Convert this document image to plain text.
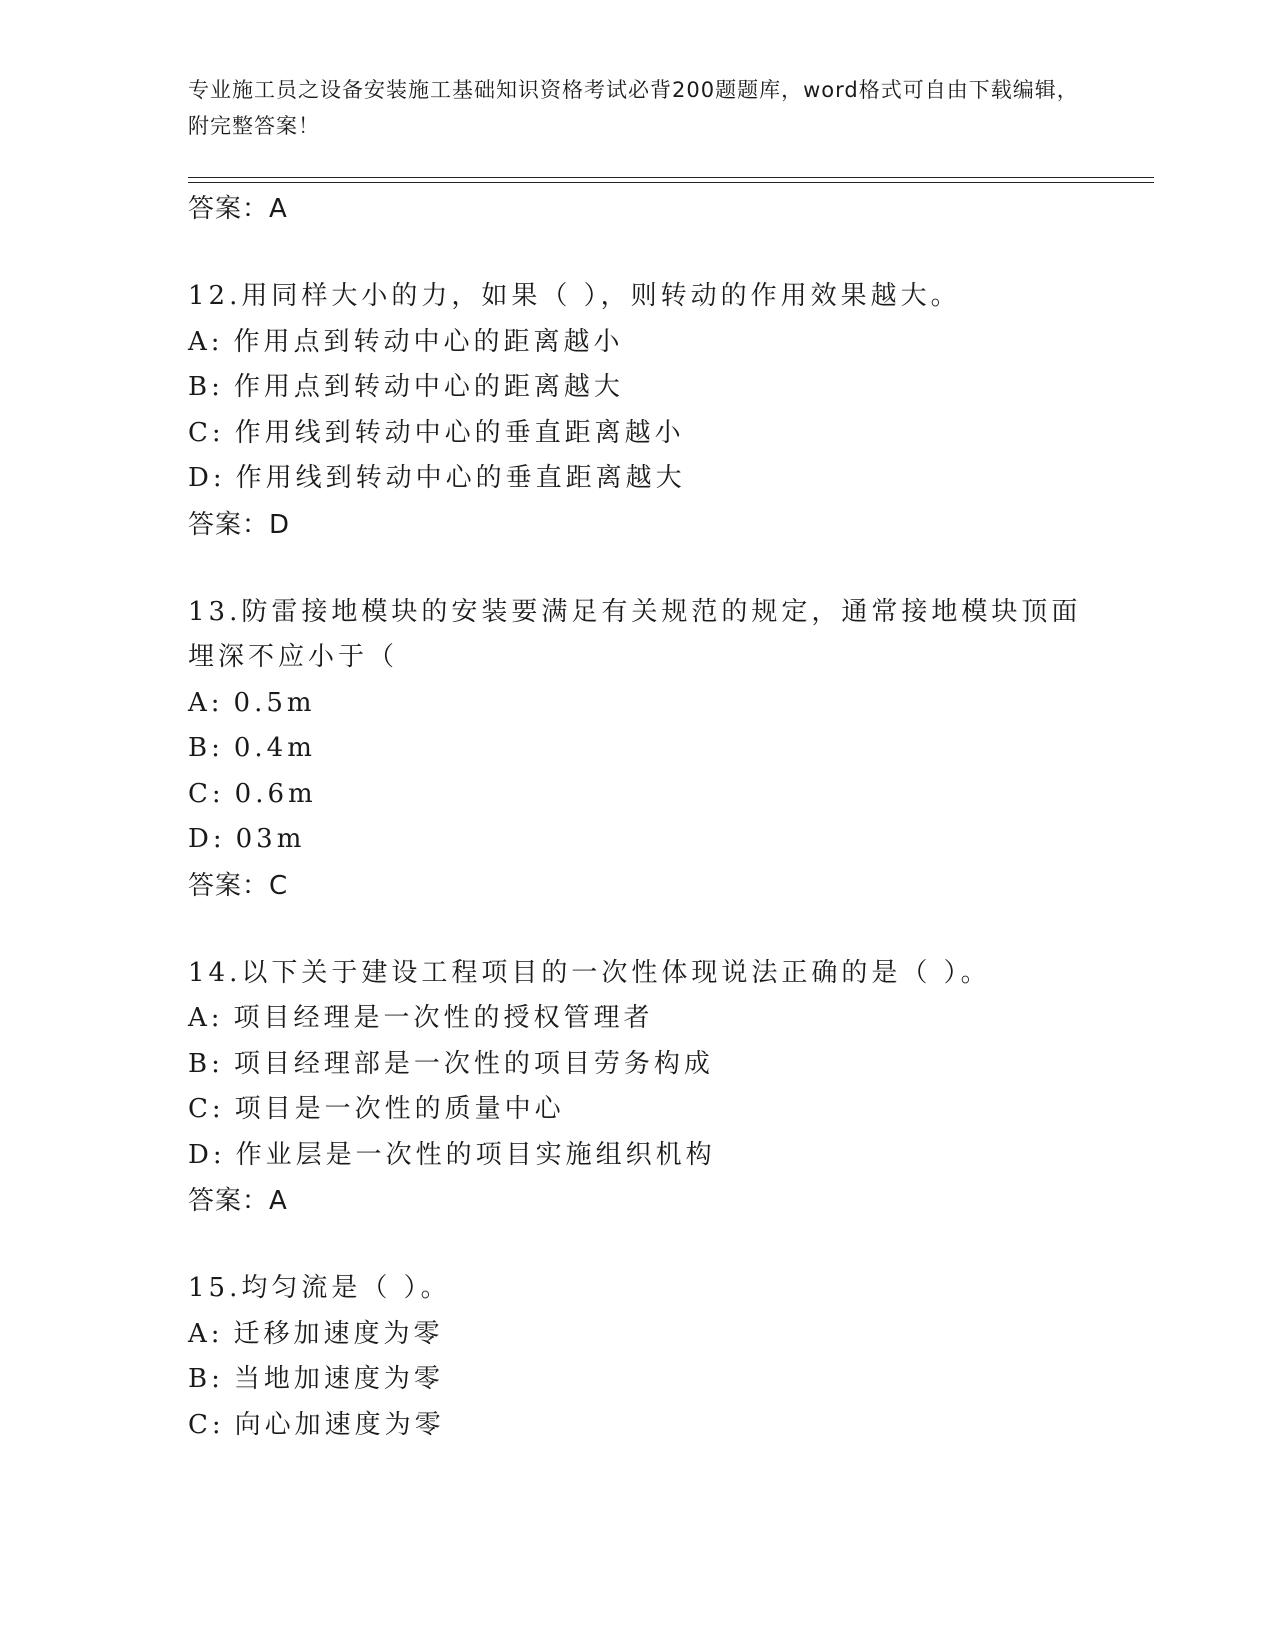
专业施工员之设备安装施工基础知识资格考试必背200题题库，word格式可自由下载编辑，附完整答案！
答案：A
12.用同样大小的力，如果（ ），则转动的作用效果越大。
A: 作用点到转动中心的距离越小
B: 作用点到转动中心的距离越大
C: 作用线到转动中心的垂直距离越小
D: 作用线到转动中心的垂直距离越大
答案：D
13.防雷接地模块的安装要满足有关规范的规定，通常接地模块顶面埋深不应小于（
A: 0.5m
B: 0.4m
C: 0.6m
D: 03m
答案：C
14.以下关于建设工程项目的一次性体现说法正确的是（ ）。
A: 项目经理是一次性的授权管理者
B: 项目经理部是一次性的项目劳务构成
C: 项目是一次性的质量中心
D: 作业层是一次性的项目实施组织机构
答案：A
15.均匀流是（ ）。
A: 迁移加速度为零
B: 当地加速度为零
C: 向心加速度为零
